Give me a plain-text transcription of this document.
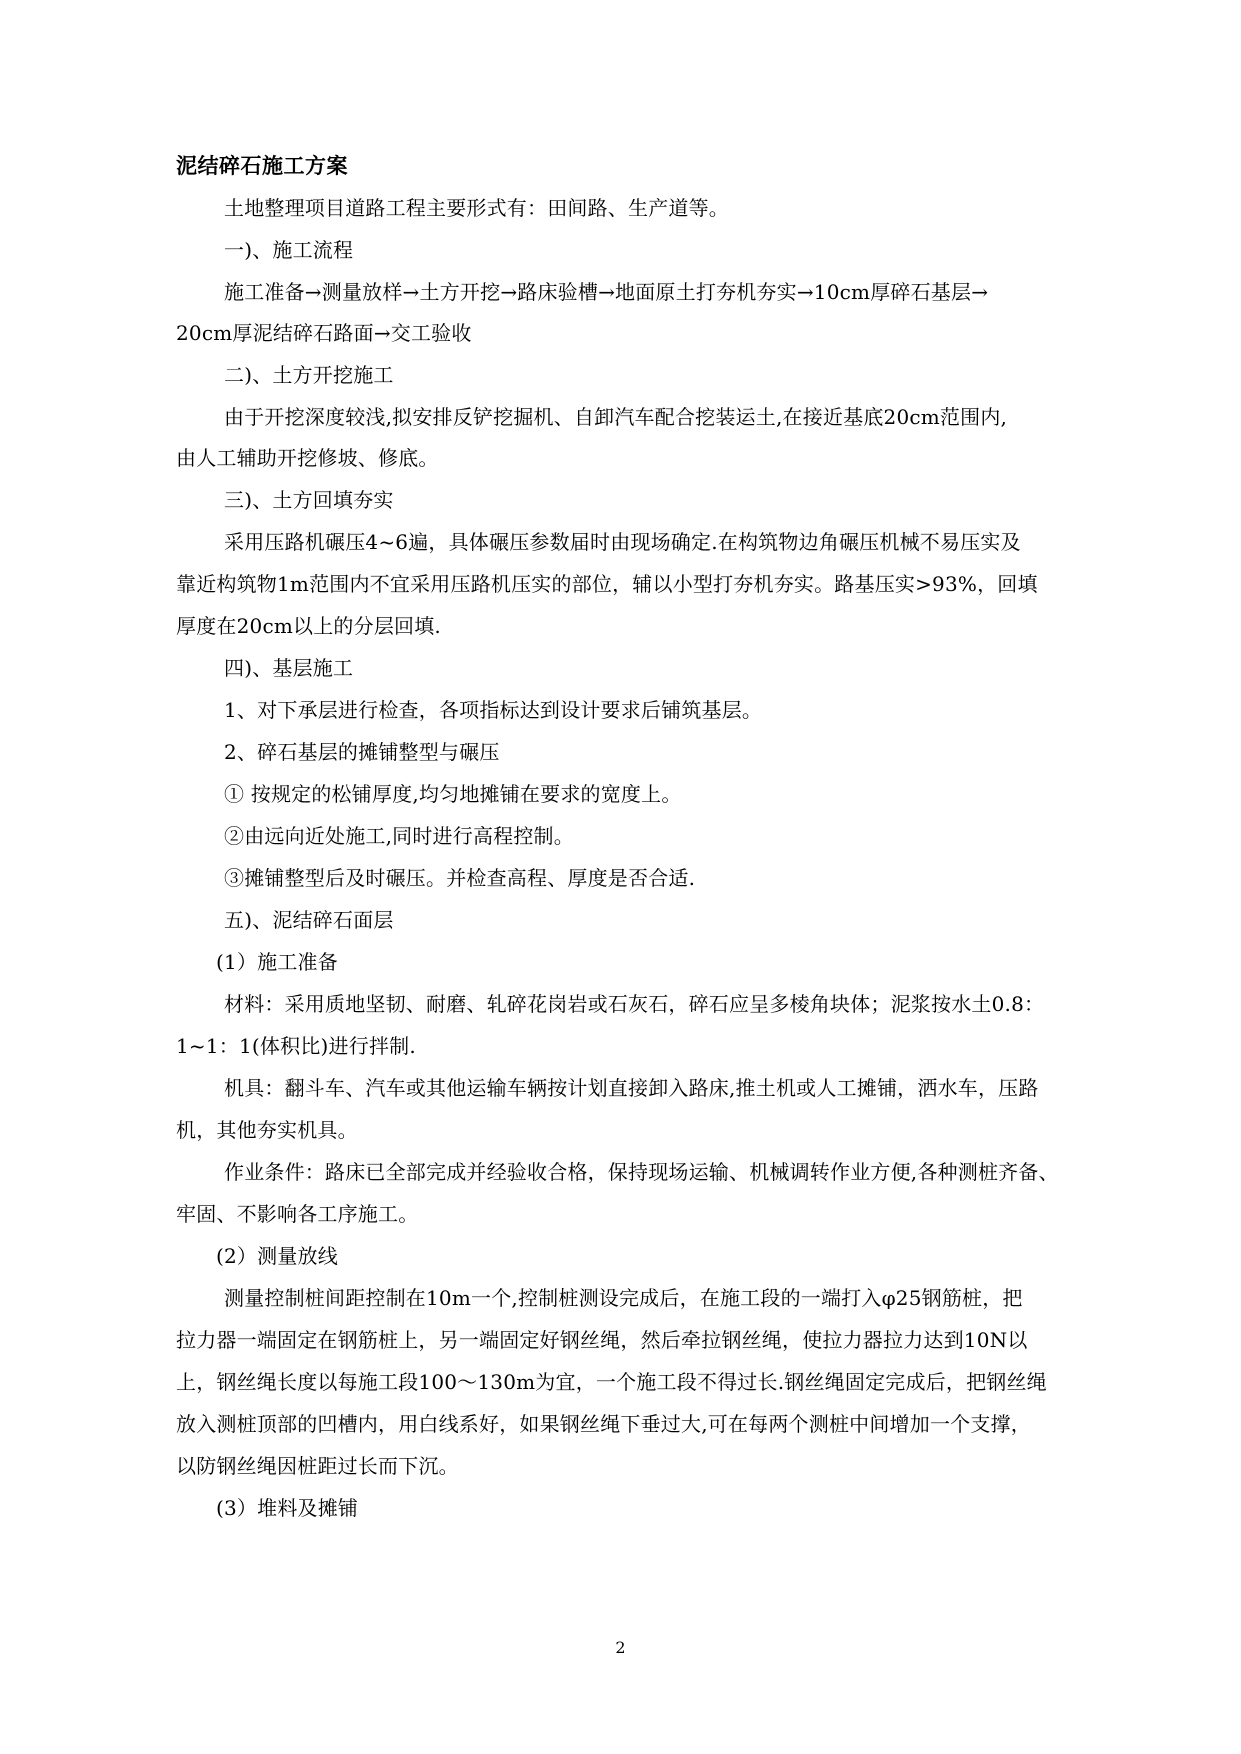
泥结碎石施工方案
土地整理项目道路工程主要形式有：田间路、生产道等。
一)、施工流程
施工准备→测量放样→土方开挖→路床验槽→地面原土打夯机夯实→10cm厚碎石基层→
20cm厚泥结碎石路面→交工验收
二)、土方开挖施工
由于开挖深度较浅,拟安排反铲挖掘机、自卸汽车配合挖装运土,在接近基底20cm范围内,
由人工辅助开挖修坡、修底。
三)、土方回填夯实
采用压路机碾压4~6遍，具体碾压参数届时由现场确定.在构筑物边角碾压机械不易压实及
靠近构筑物1m范围内不宜采用压路机压实的部位，辅以小型打夯机夯实。路基压实>93%，回填
厚度在20cm以上的分层回填.
四)、基层施工
1、对下承层进行检查，各项指标达到设计要求后铺筑基层。
2、碎石基层的摊铺整型与碾压
① 按规定的松铺厚度,均匀地摊铺在要求的宽度上。
②由远向近处施工,同时进行高程控制。
③摊铺整型后及时碾压。并检查高程、厚度是否合适.
五)、泥结碎石面层
(1）施工准备
材料：采用质地坚韧、耐磨、轧碎花岗岩或石灰石，碎石应呈多棱角块体；泥浆按水土0.8：
1~1：1(体积比)进行拌制.
机具：翻斗车、汽车或其他运输车辆按计划直接卸入路床,推土机或人工摊铺，洒水车，压路
机，其他夯实机具。
作业条件：路床已全部完成并经验收合格，保持现场运输、机械调转作业方便,各种测桩齐备、
牢固、不影响各工序施工。
(2）测量放线
测量控制桩间距控制在10m一个,控制桩测设完成后，在施工段的一端打入φ25钢筋桩，把
拉力器一端固定在钢筋桩上，另一端固定好钢丝绳，然后牵拉钢丝绳，使拉力器拉力达到10N以
上，钢丝绳长度以每施工段100～130m为宜，一个施工段不得过长.钢丝绳固定完成后，把钢丝绳
放入测桩顶部的凹槽内，用白线系好，如果钢丝绳下垂过大,可在每两个测桩中间增加一个支撑，
以防钢丝绳因桩距过长而下沉。
(3）堆料及摊铺
2
